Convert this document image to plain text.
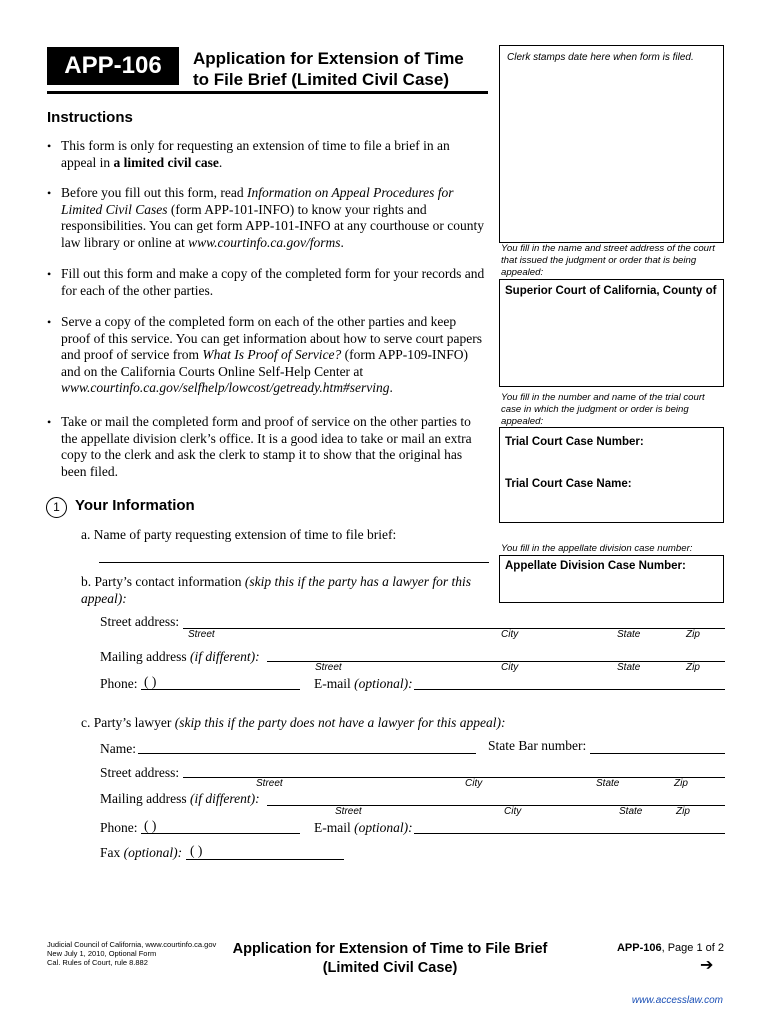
APP-106	Application for Extension of Time
to File Brief (Limited Civil Case)
Clerk stamps date here when form is filed.
Instructions
• This form is only for requesting an extension of time to file a brief in an appeal in a limited civil case.
• Before you fill out this form, read Information on Appeal Procedures for Limited Civil Cases (form APP-101-INFO) to know your rights and responsibilities. You can get form APP-101-INFO at any courthouse or county law library or online at www.courtinfo.ca.gov/forms.
• Fill out this form and make a copy of the completed form for your records and for each of the other parties.
• Serve a copy of the completed form on each of the other parties and keep proof of this service. You can get information about how to serve court papers and proof of service from What Is Proof of Service? (form APP-109-INFO) and on the California Courts Online Self-Help Center at www.courtinfo.ca.gov/selfhelp/lowcost/getready.htm#serving.
• Take or mail the completed form and proof of service on the other parties to the appellate division clerk’s office. It is a good idea to take or mail an extra copy to the clerk and ask the clerk to stamp it to show that the original has been filed.
You fill in the name and street address of the court that issued the judgment or order that is being appealed:
Superior Court of California, County of
You fill in the number and name of the trial court case in which the judgment or order is being appealed:
Trial Court Case Number:
Trial Court Case Name:
You fill in the appellate division case number:
Appellate Division Case Number:
1	Your Information
a. Name of party requesting extension of time to file brief:
b. Party’s contact information (skip this if the party has a lawyer for this appeal):
Street address:
Street	City	State	Zip
Mailing address (if different):
Street	City	State	Zip
Phone: ( )	E-mail (optional):
c. Party’s lawyer (skip this if the party does not have a lawyer for this appeal):
Name:	State Bar number:
Street address:
Street	City	State	Zip
Mailing address (if different):
Street	City	State	Zip
Phone: ( )	E-mail (optional):
Fax (optional): ( )
Judicial Council of California, www.courtinfo.ca.gov
New July 1, 2010, Optional Form
Cal. Rules of Court, rule 8.882
Application for Extension of Time to File Brief
(Limited Civil Case)
APP-106, Page 1 of 2
➔
www.accesslaw.com
